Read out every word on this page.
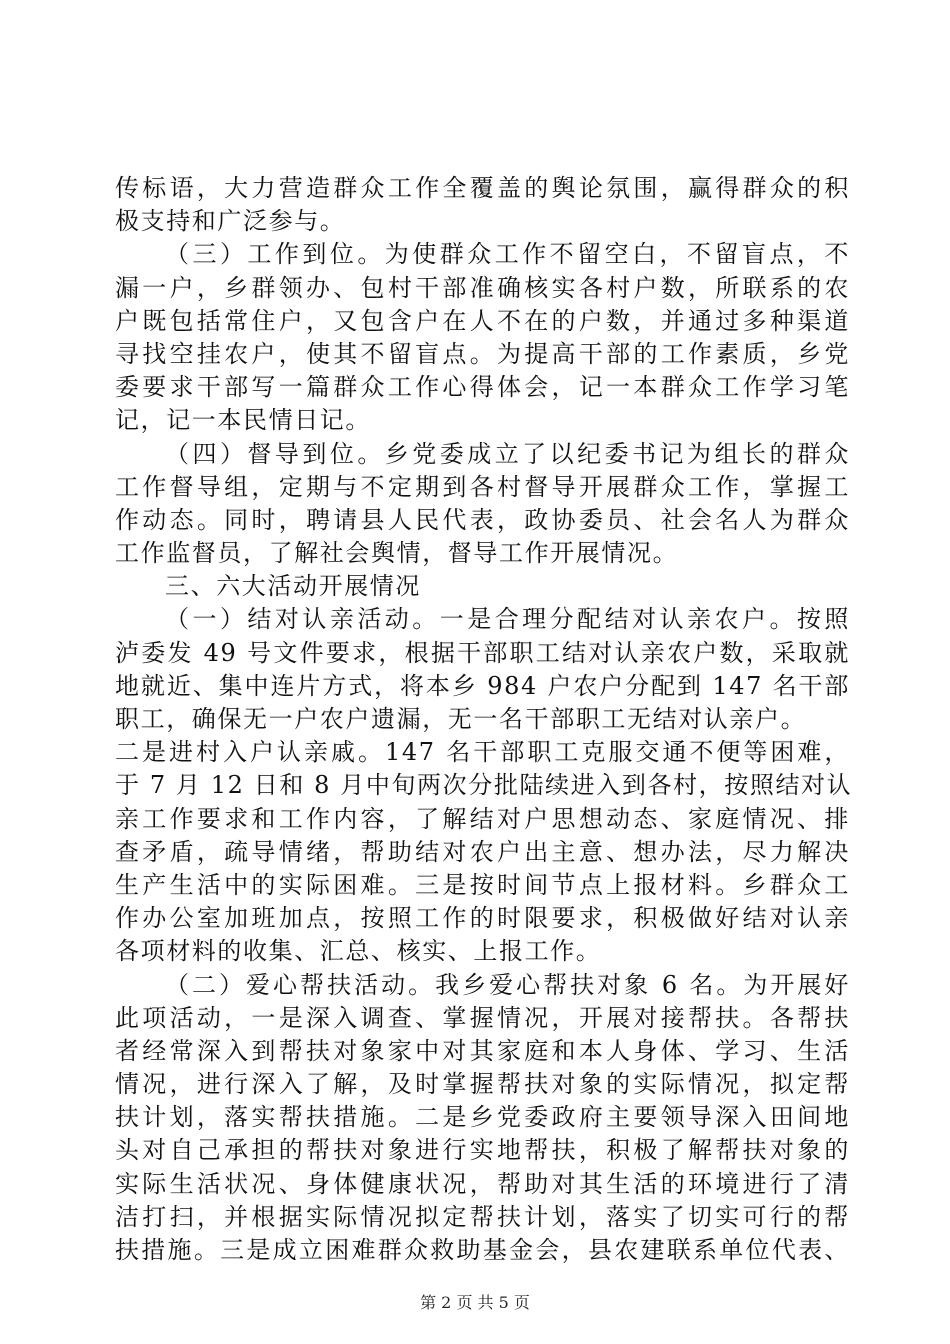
传标语，大力营造群众工作全覆盖的舆论氛围，赢得群众的积
极支持和广泛参与。
（三）工作到位。为使群众工作不留空白，不留盲点，不
漏一户，乡群领办、包村干部准确核实各村户数，所联系的农
户既包括常住户，又包含户在人不在的户数，并通过多种渠道
寻找空挂农户，使其不留盲点。为提高干部的工作素质，乡党
委要求干部写一篇群众工作心得体会，记一本群众工作学习笔
记，记一本民情日记。
（四）督导到位。乡党委成立了以纪委书记为组长的群众
工作督导组，定期与不定期到各村督导开展群众工作，掌握工
作动态。同时，聘请县人民代表，政协委员、社会名人为群众
工作监督员，了解社会舆情，督导工作开展情况。
三、六大活动开展情况
（一）结对认亲活动。一是合理分配结对认亲农户。按照
泸委发 49 号文件要求，根据干部职工结对认亲农户数，采取就
地就近、集中连片方式，将本乡 984 户农户分配到 147 名干部
职工，确保无一户农户遗漏，无一名干部职工无结对认亲户。
二是进村入户认亲戚。147 名干部职工克服交通不便等困难，
于 7 月 12 日和 8 月中旬两次分批陆续进入到各村，按照结对认
亲工作要求和工作内容，了解结对户思想动态、家庭情况、排
查矛盾，疏导情绪，帮助结对农户出主意、想办法，尽力解决
生产生活中的实际困难。三是按时间节点上报材料。乡群众工
作办公室加班加点，按照工作的时限要求，积极做好结对认亲
各项材料的收集、汇总、核实、上报工作。
（二）爱心帮扶活动。我乡爱心帮扶对象 6 名。为开展好
此项活动，一是深入调查、掌握情况，开展对接帮扶。各帮扶
者经常深入到帮扶对象家中对其家庭和本人身体、学习、生活
情况，进行深入了解，及时掌握帮扶对象的实际情况，拟定帮
扶计划，落实帮扶措施。二是乡党委政府主要领导深入田间地
头对自己承担的帮扶对象进行实地帮扶，积极了解帮扶对象的
实际生活状况、身体健康状况，帮助对其生活的环境进行了清
洁打扫，并根据实际情况拟定帮扶计划，落实了切实可行的帮
扶措施。三是成立困难群众救助基金会，县农建联系单位代表、
第 2 页 共 5 页
